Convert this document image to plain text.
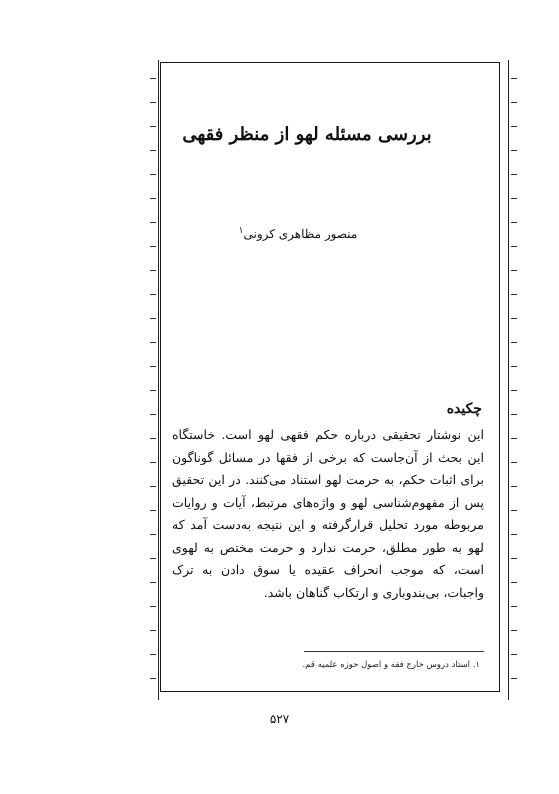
بررسی مسئله لهو از منظر فقهی
منصور مظاهری کرونی$^۱$
چکیده
این نوشتار تحقیقی درباره حکم فقهی لهو است. خاستگاه این بحث از آن‌جاست که برخی از فقها در مسائل گوناگون برای اثبات حکم، به حرمت لهو استناد می‌کنند. در این تحقیق پس از مفهوم‌شناسی لهو و واژه‌های مرتبط، آیات و روایات مربوطه مورد تحلیل قرارگرفته و این نتیجه به‌دست آمد که لهو به طور مطلق، حرمت ندارد و حرمت مختص به لهوی است، که موجب انحراف عقیده یا سوق دادن به ترک واجبات، بی‌بندوباری و ارتکاب گناهان باشد.
۱. استاد دروس خارج فقه و اصول حوزه علمیه قم.
۵۲۷
